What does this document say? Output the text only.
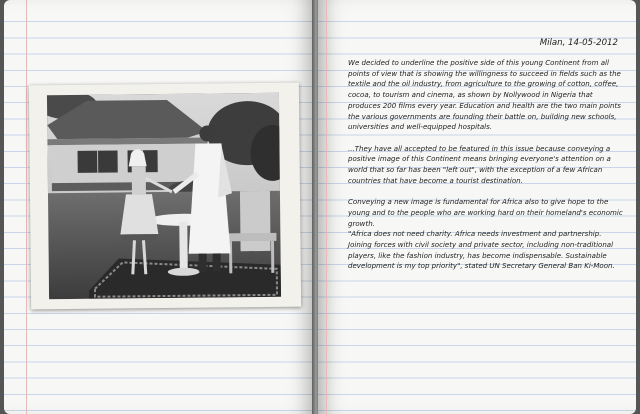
Milan, 14-05-2012

We decided to underline the positive side of this young Continent from all points of view that is showing the willingness to succeed in fields such as the textile and the oil industry, from agriculture to the growing of cotton, coffee, cocoa, to tourism and cinema, as shown by Nollywood in Nigeria that produces 200 films every year. Education and health are the two main points the various governments are founding their battle on, building new schools, universities and well-equipped hospitals.

...They have all accepted to be featured in this issue because conveying a positive image of this Continent means bringing everyone's attention on a world that so far has been "left out", with the exception of a few African countries that have become a tourist destination.

Conveying a new image is fundamental for Africa also to give hope to the young and to the people who are working hard on their homeland's economic growth.

"Africa does not need charity. Africa needs investment and partnership. Joining forces with civil society and private sector, including non-traditional players, like the fashion industry, has become indispensable. Sustainable development is my top priority", stated UN Secretary General Ban Ki-Moon.
